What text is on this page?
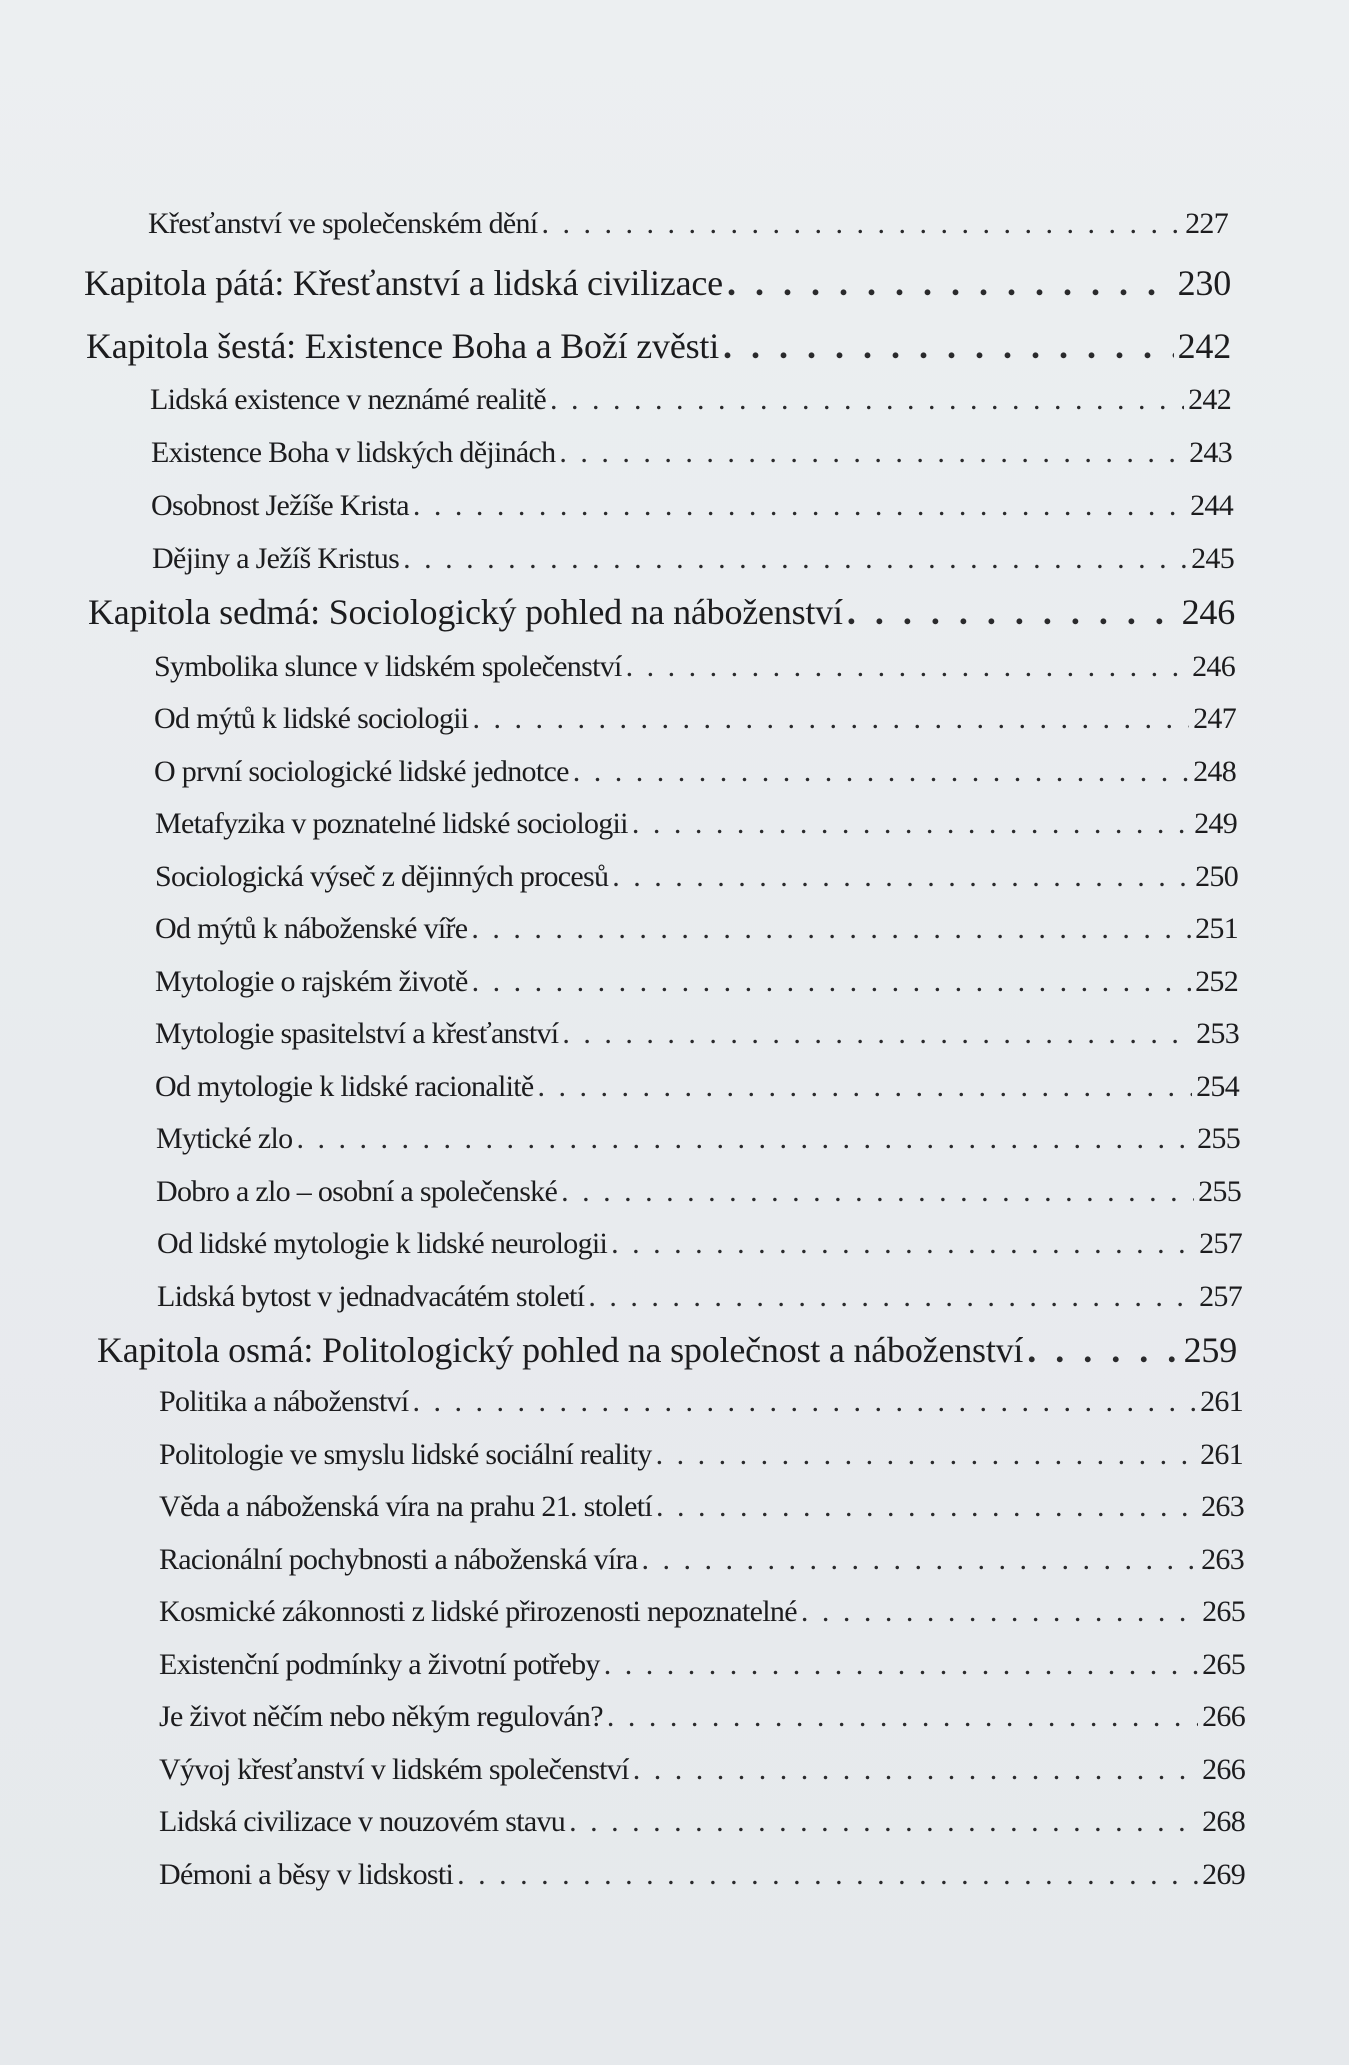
Křesťanství ve společenském dění . . .	227
Kapitola pátá: Křesťanství a lidská civilizace . . .	230
Kapitola šestá: Existence Boha a Boží zvěsti . . .	242
Lidská existence v neznámé realitě . . .	242
Existence Boha v lidských dějinách . . .	243
Osobnost Ježíše Krista . . .	244
Dějiny a Ježíš Kristus . . .	245
Kapitola sedmá: Sociologický pohled na náboženství . . .	246
Symbolika slunce v lidském společenství . . .	246
Od mýtů k lidské sociologii . . .	247
O první sociologické lidské jednotce . . .	248
Metafyzika v poznatelné lidské sociologii . . .	249
Sociologická výseč z dějinných procesů . . .	250
Od mýtů k náboženské víře . . .	251
Mytologie o rajském životě . . .	252
Mytologie spasitelství a křesťanství . . .	253
Od mytologie k lidské racionalitě . . .	254
Mytické zlo . . .	255
Dobro a zlo – osobní a společenské . . .	255
Od lidské mytologie k lidské neurologii . . .	257
Lidská bytost v jednadvacátém století . . .	257
Kapitola osmá: Politologický pohled na společnost a náboženství . . .	259
Politika a náboženství . . .	261
Politologie ve smyslu lidské sociální reality . . .	261
Věda a náboženská víra na prahu 21. století . . .	263
Racionální pochybnosti a náboženská víra . . .	263
Kosmické zákonnosti z lidské přirozenosti nepoznatelné . . .	265
Existenční podmínky a životní potřeby . . .	265
Je život něčím nebo někým regulován? . . .	266
Vývoj křesťanství v lidském společenství . . .	266
Lidská civilizace v nouzovém stavu . . .	268
Démoni a běsy v lidskosti . . .	269
